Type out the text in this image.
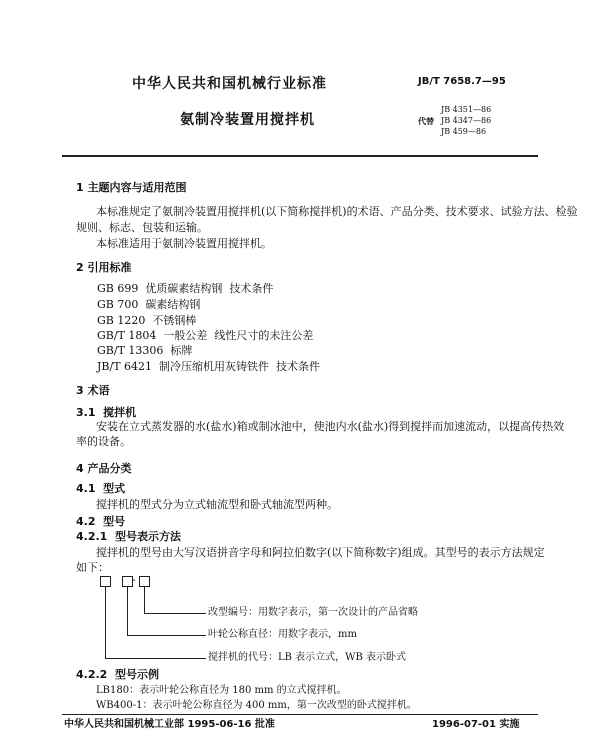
中华人民共和国机械行业标准	JB/T 7658.7—95
氨制冷装置用搅拌机	代替
JB 4351—86
JB 4347—86
JB 459—86
1 主题内容与适用范围
本标准规定了氨制冷装置用搅拌机(以下简称搅拌机)的术语、产品分类、技术要求、试验方法、检验
规则、标志、包装和运输。
本标准适用于氨制冷装置用搅拌机。
2 引用标准
GB 699  优质碳素结构钢  技术条件
GB 700  碳素结构钢
GB 1220  不锈钢棒
GB/T 1804  一般公差  线性尺寸的未注公差
GB/T 13306  标牌
JB/T 6421  制冷压缩机用灰铸铁件  技术条件
3 术语
3.1  搅拌机
安装在立式蒸发器的水(盐水)箱或制冰池中，使池内水(盐水)得到搅拌而加速流动，以提高传热效
率的设备。
4 产品分类
4.1  型式
搅拌机的型式分为立式轴流型和卧式轴流型两种。
4.2  型号
4.2.1  型号表示方法
搅拌机的型号由大写汉语拼音字母和阿拉伯数字(以下简称数字)组成。其型号的表示方法规定
如下：
-
改型编号：用数字表示，第一次设计的产品省略
叶轮公称直径：用数字表示，mm
搅拌机的代号：LB 表示立式，WB 表示卧式
4.2.2  型号示例
LB180：表示叶轮公称直径为 180 mm 的立式搅拌机。
WB400-1：表示叶轮公称直径为 400 mm，第一次改型的卧式搅拌机。
中华人民共和国机械工业部 1995-06-16 批准	1996-07-01 实施
